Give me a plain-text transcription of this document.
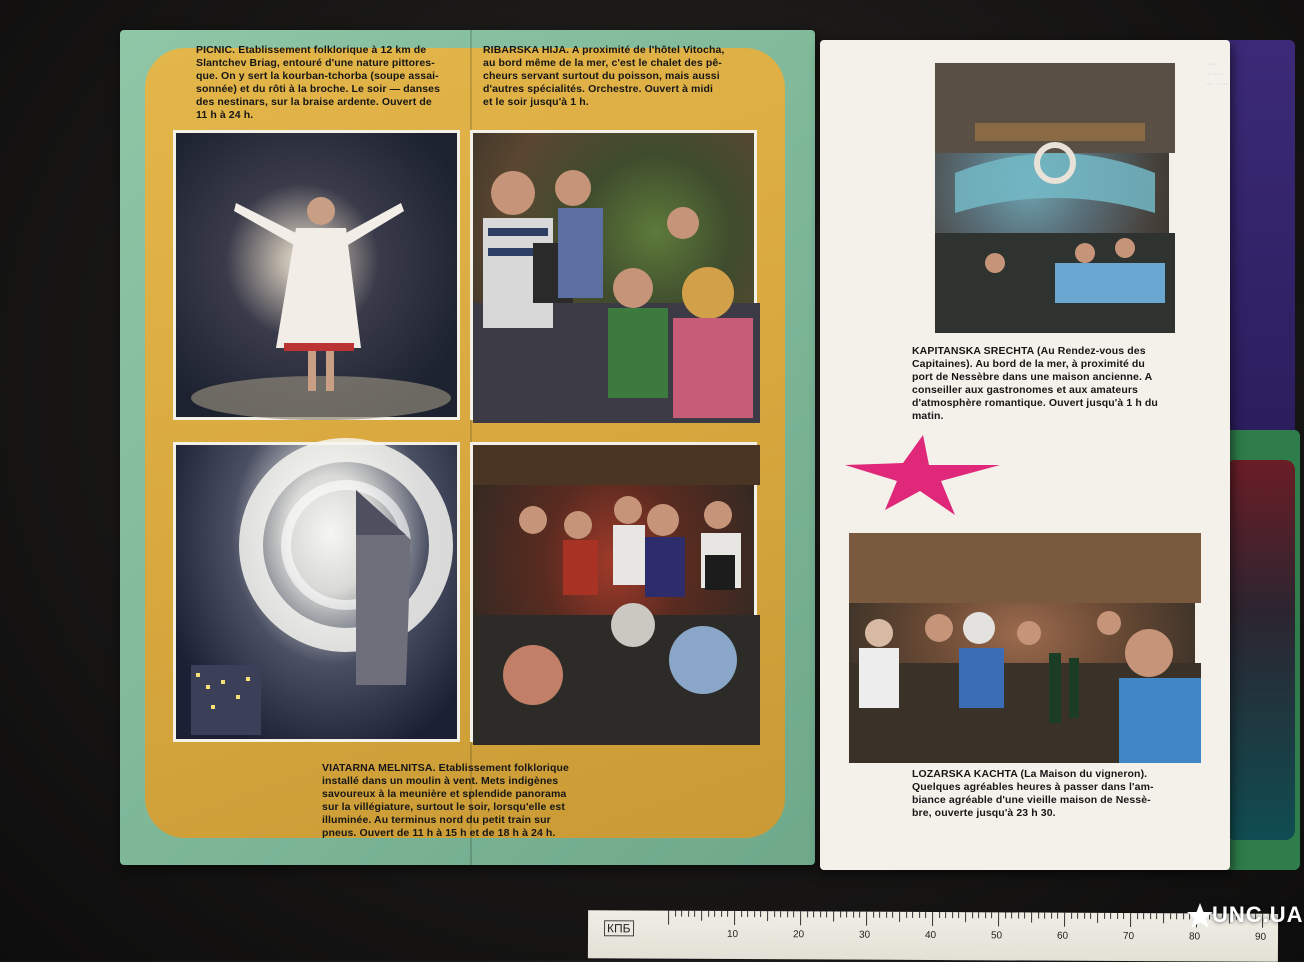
PICNIC. Etablissement folklorique à 12 km de
Slantchev Briag, entouré d'une nature pittores-
que. On y sert la kourban-tchorba (soupe assai-
sonnée) et du rôti à la broche. Le soir — danses
des nestinars, sur la braise ardente. Ouvert de
11 h à 24 h.
RIBARSKA HIJA. A proximité de l'hôtel Vitocha,
au bord même de la mer, c'est le chalet des pê-
cheurs servant surtout du poisson, mais aussi
d'autres spécialités. Orchestre. Ouvert à midi
et le soir jusqu'à 1 h.
VIATARNA MELNITSA. Etablissement folklorique
installé dans un moulin à vent. Mets indigènes
savoureux à la meunière et splendide panorama
sur la villégiature, surtout le soir, lorsqu'elle est
illuminée. Au terminus nord du petit train sur
pneus. Ouvert de 11 h à 15 h et de 18 h à 24 h.
KAPITANSKA SRECHTA (Au Rendez-vous des
Capitaines). Au bord de la mer, à proximité du
port de Nessèbre dans une maison ancienne. A
conseiller aux gastronomes et aux amateurs
d'atmosphère romantique. Ouvert jusqu'à 1 h du
matin.
LOZARSKA KACHTA (La Maison du vigneron).
Quelques agréables heures à passer dans l'am-
biance agréable d'une vieille maison de Nessè-
bre, ouverte jusqu'à 23 h 30.
·····
········
···· ·····
КПБ	10	20	30	40	50	60	70	80	90
UNC.UA
